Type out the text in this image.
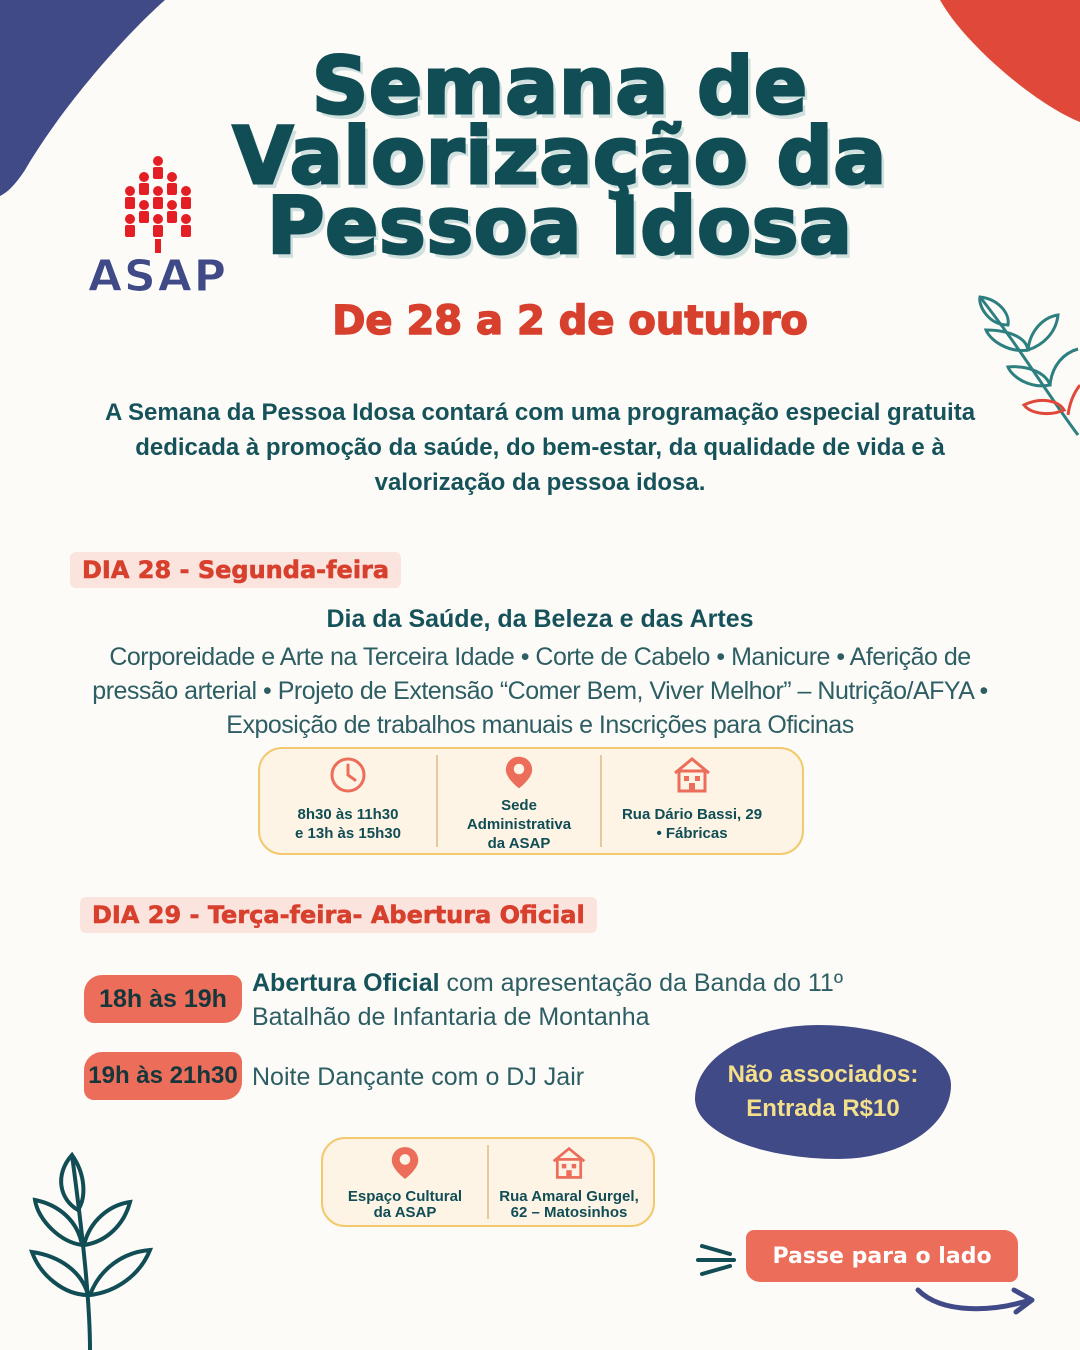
ASAP
Semana de
Valorização da
Pessoa Idosa
De 28 a 2 de outubro
A Semana da Pessoa Idosa contará com uma programação especial gratuita dedicada à promoção da saúde, do bem-estar, da qualidade de vida e à valorização da pessoa idosa.
DIA 28 - Segunda-feira
Dia da Saúde, da Beleza e das Artes
Corporeidade e Arte na Terceira Idade • Corte de Cabelo • Manicure • Aferição de pressão arterial • Projeto de Extensão “Comer Bem, Viver Melhor” – Nutrição/AFYA • Exposição de trabalhos manuais e Inscrições para Oficinas
8h30 às 11h30
e 13h às 15h30
Sede
Administrativa
da ASAP
Rua Dário Bassi, 29
• Fábricas
DIA 29 - Terça-feira- Abertura Oficial
18h às 19h
Abertura Oficial com apresentação da Banda do 11º
Batalhão de Infantaria de Montanha
19h às 21h30 Noite Dançante com o DJ Jair	Não associados:
Entrada R$10
Espaço Cultural
da ASAP
Rua Amaral Gurgel,
62 – Matosinhos
Passe para o lado
